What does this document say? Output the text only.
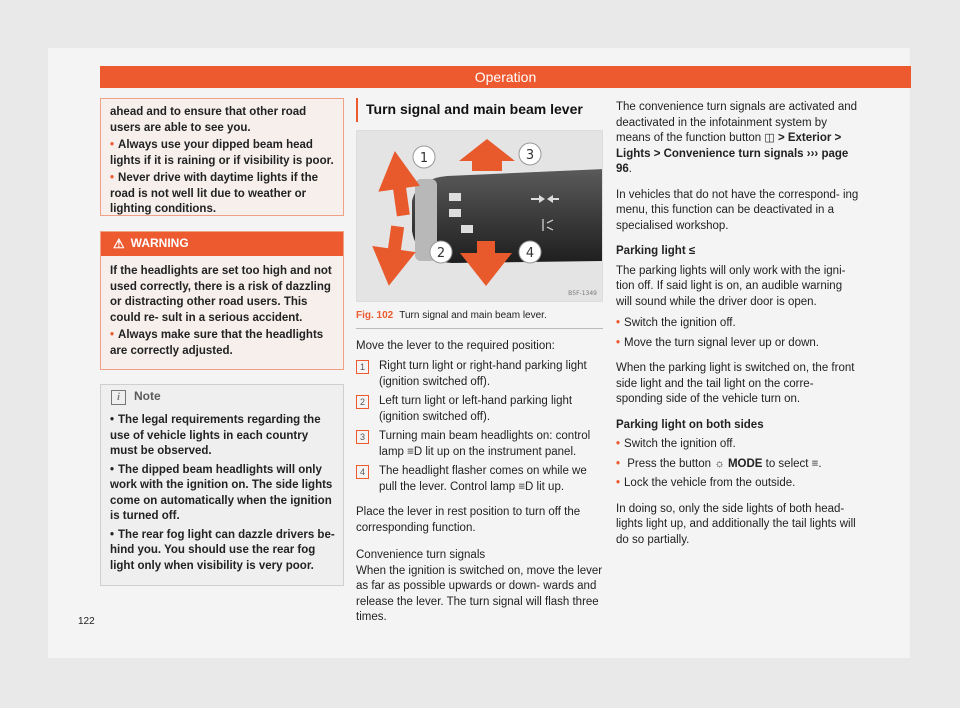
Operation

ahead and to ensure that other road users are able to see you.

• Always use your dipped beam head lights if it is raining or if visibility is poor.

• Never drive with daytime lights if the road is not well lit due to weather or lighting conditions.

⚠ WARNING

If the headlights are set too high and not used correctly, there is a risk of dazzling or distracting other road users. This could re- sult in a serious accident.

• Always make sure that the headlights are correctly adjusted.

i	Note

• The legal requirements regarding the use of vehicle lights in each country must be observed.

• The dipped beam headlights will only work with the ignition on. The side lights come on automatically when the ignition is turned off.

• The rear fog light can dazzle drivers be- hind you. You should use the rear fog light only when visibility is very poor.

Turn signal and main beam lever
1
2
3
4
B5F-1349
Fig. 102 Turn signal and main beam lever.

Move the lever to the required position:

1	Right turn light or right-hand parking light (ignition switched off).
2	Left turn light or left-hand parking light (ignition switched off).
3	Turning main beam headlights on: control lamp ≡D lit up on the instrument panel.
4	The headlight flasher comes on while we pull the lever. Control lamp ≡D lit up.

Place the lever in rest position to turn off the corresponding function.

Convenience turn signals
When the ignition is switched on, move the lever as far as possible upwards or down- wards and release the lever. The turn signal will flash three times.

The convenience turn signals are activated and deactivated in the infotainment system by means of the function button ◫ > Exterior > Lights > Convenience turn signals ››› page 96.

In vehicles that do not have the correspond- ing menu, this function can be deactivated in a specialised workshop.

Parking light ≤

The parking lights will only work with the igni- tion off. If said light is on, an audible warning will sound while the driver door is open.

• Switch the ignition off.

• Move the turn signal lever up or down.

When the parking light is switched on, the front side light and the tail light on the corre- sponding side of the vehicle turn on.

Parking light on both sides

• Switch the ignition off.

• Press the button ☼ MODE to select ≡.

• Lock the vehicle from the outside.

In doing so, only the side lights of both head- lights light up, and additionally the tail lights will do so partially.

122
